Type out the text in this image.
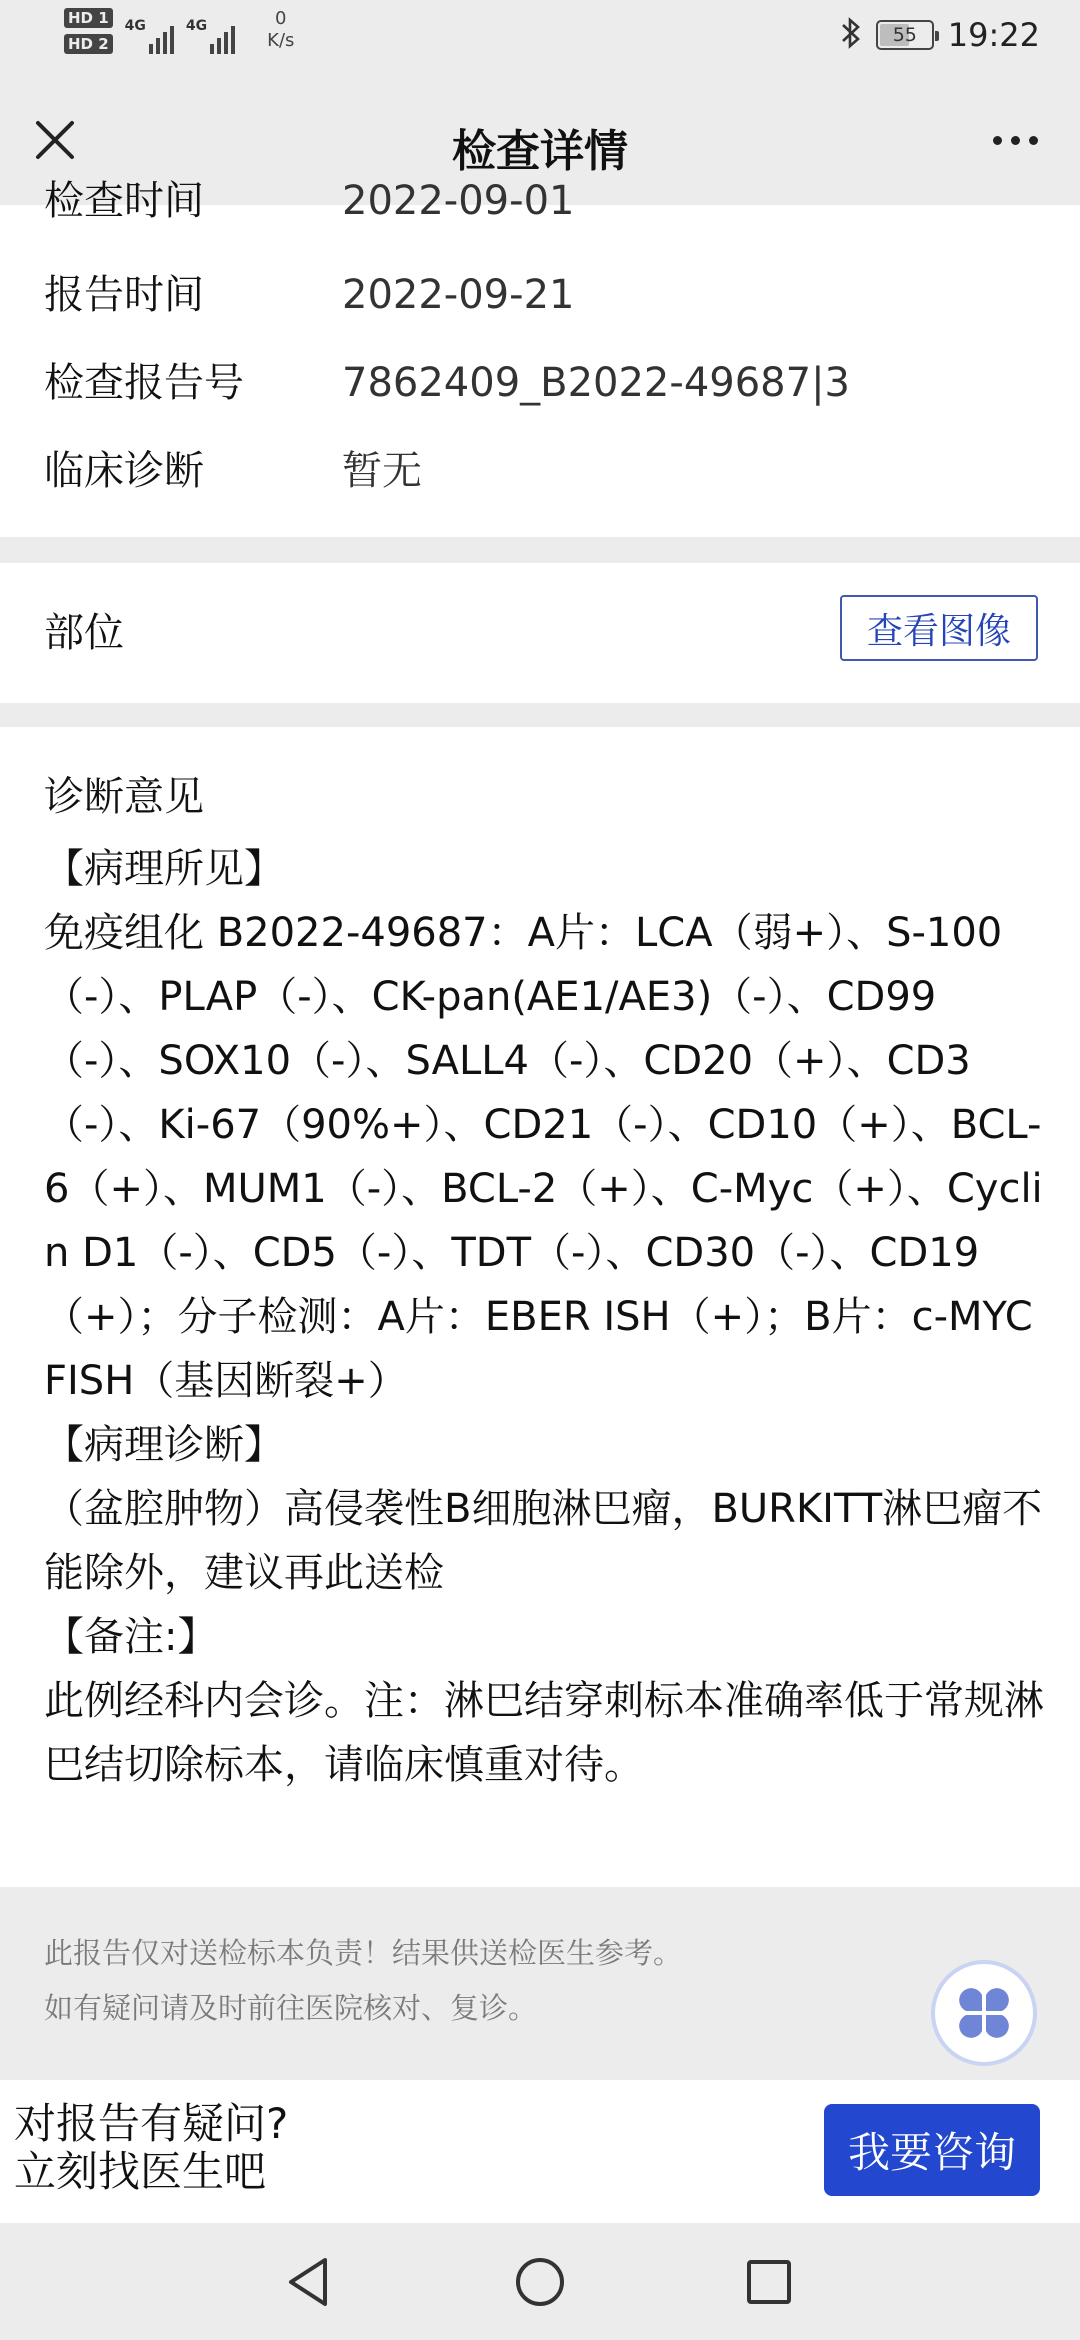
HD 1
HD 2
4G	4G	0
K/s	55 19:22
检查详情
检查时间	2022-09-01
报告时间	2022-09-21
检查报告号 7862409_B2022-49687|3
临床诊断	暂无
部位	查看图像
诊断意见
【病理所见】
免疫组化 B2022-49687：A片：LCA（弱+）、S-100（-）、PLAP（-）、CK-pan(AE1/AE3)（-）、CD99（-）、SOX10（-）、SALL4（-）、CD20（+）、CD3（-）、Ki-67（90%+）、CD21（-）、CD10（+）、BCL-6（+）、MUM1（-）、BCL-2（+）、C-Myc（+）、Cyclin D1（-）、CD5（-）、TDT（-）、CD30（-）、CD19（+）；分子检测：A片：EBER ISH（+）；B片：c-MYC FISH（基因断裂+）
【病理诊断】
（盆腔肿物）高侵袭性B细胞淋巴瘤，BURKITT淋巴瘤不能除外，建议再此送检
【备注:】
此例经科内会诊。注：淋巴结穿刺标本准确率低于常规淋巴结切除标本，请临床慎重对待。
此报告仅对送检标本负责！结果供送检医生参考。
如有疑问请及时前往医院核对、复诊。
对报告有疑问?
立刻找医生吧	我要咨询
